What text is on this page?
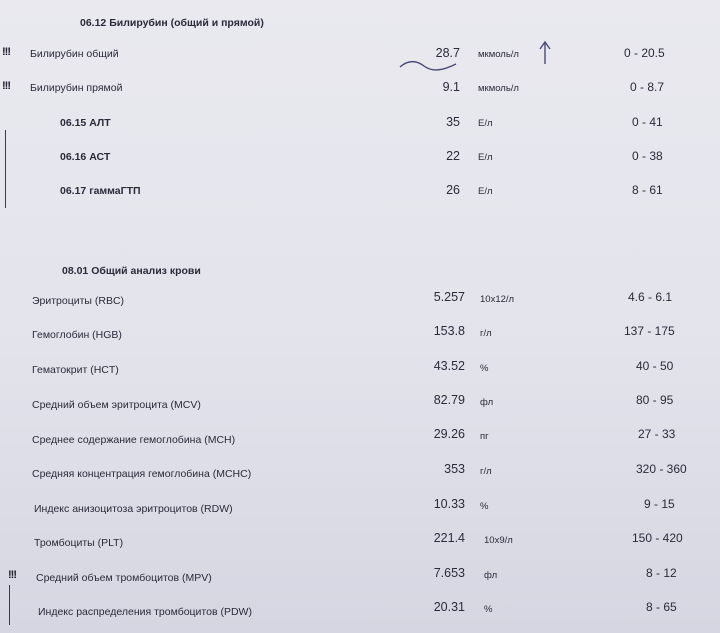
06.12 Билирубин (общий и прямой)
!!! Билирубин общий	28.7 мкмоль/л	0 - 20.5
!!! Билирубин прямой	9.1 мкмоль/л	0 - 8.7
06.15 АЛТ	35 Е/л	0 - 41
06.16 АСТ	22 Е/л	0 - 38
06.17 гаммаГТП	26 Е/л	8 - 61
08.01 Общий анализ крови
Эритроциты (RBC)	5.257 10х12/л	4.6 - 6.1
Гемоглобин (HGB)	153.8 г/л	137 - 175
Гематокрит (HCT)	43.52 %	40 - 50
Средний объем эритроцита (MCV)	82.79 фл	80 - 95
Среднее содержание гемоглобина (MCH)	29.26 пг	27 - 33
Средняя концентрация гемоглобина (MCHC)	353 г/л	320 - 360
Индекс анизоцитоза эритроцитов (RDW)	10.33 %	9 - 15
Тромбоциты (PLT)	221.4 10х9/л	150 - 420
!!! Средний объем тромбоцитов (MPV)	7.653 фл	8 - 12
Индекс распределения тромбоцитов (PDW)	20.31 %	8 - 65
